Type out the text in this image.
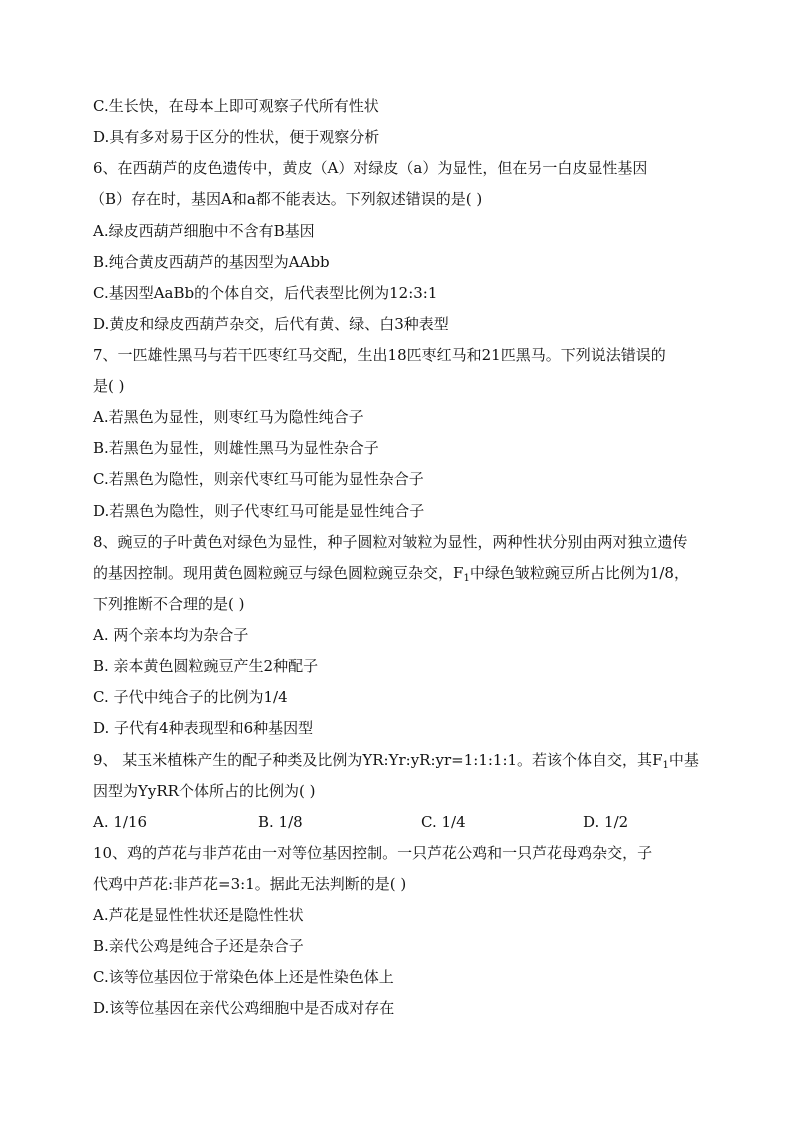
C.生长快，在母本上即可观察子代所有性状
D.具有多对易于区分的性状，便于观察分析
6、在西葫芦的皮色遗传中，黄皮（A）对绿皮（a）为显性，但在另一白皮显性基因
（B）存在时，基因A和a都不能表达。下列叙述错误的是( )
A.绿皮西葫芦细胞中不含有B基因
B.纯合黄皮西葫芦的基因型为AAbb
C.基因型AaBb的个体自交，后代表型比例为12:3:1
D.黄皮和绿皮西葫芦杂交，后代有黄、绿、白3种表型
7、一匹雄性黑马与若干匹枣红马交配，生出18匹枣红马和21匹黑马。下列说法错误的
是( )
A.若黑色为显性，则枣红马为隐性纯合子
B.若黑色为显性，则雄性黑马为显性杂合子
C.若黑色为隐性，则亲代枣红马可能为显性杂合子
D.若黑色为隐性，则子代枣红马可能是显性纯合子
8、豌豆的子叶黄色对绿色为显性，种子圆粒对皱粒为显性，两种性状分别由两对独立遗传
的基因控制。现用黄色圆粒豌豆与绿色圆粒豌豆杂交，$F_1$中绿色皱粒豌豆所占比例为1/8，
下列推断不合理的是( )
A. 两个亲本均为杂合子
B. 亲本黄色圆粒豌豆产生2种配子
C. 子代中纯合子的比例为1/4
D. 子代有4种表现型和6种基因型
9、 某玉米植株产生的配子种类及比例为YR:Yr:yR:yr=1:1:1:1。若该个体自交，其$F_1$中基
因型为YyRR个体所占的比例为( )
A. 1/16	B. 1/8	C. 1/4	D. 1/2
10、鸡的芦花与非芦花由一对等位基因控制。一只芦花公鸡和一只芦花母鸡杂交，子
代鸡中芦花:非芦花=3:1。据此无法判断的是( )
A.芦花是显性性状还是隐性性状
B.亲代公鸡是纯合子还是杂合子
C.该等位基因位于常染色体上还是性染色体上
D.该等位基因在亲代公鸡细胞中是否成对存在
